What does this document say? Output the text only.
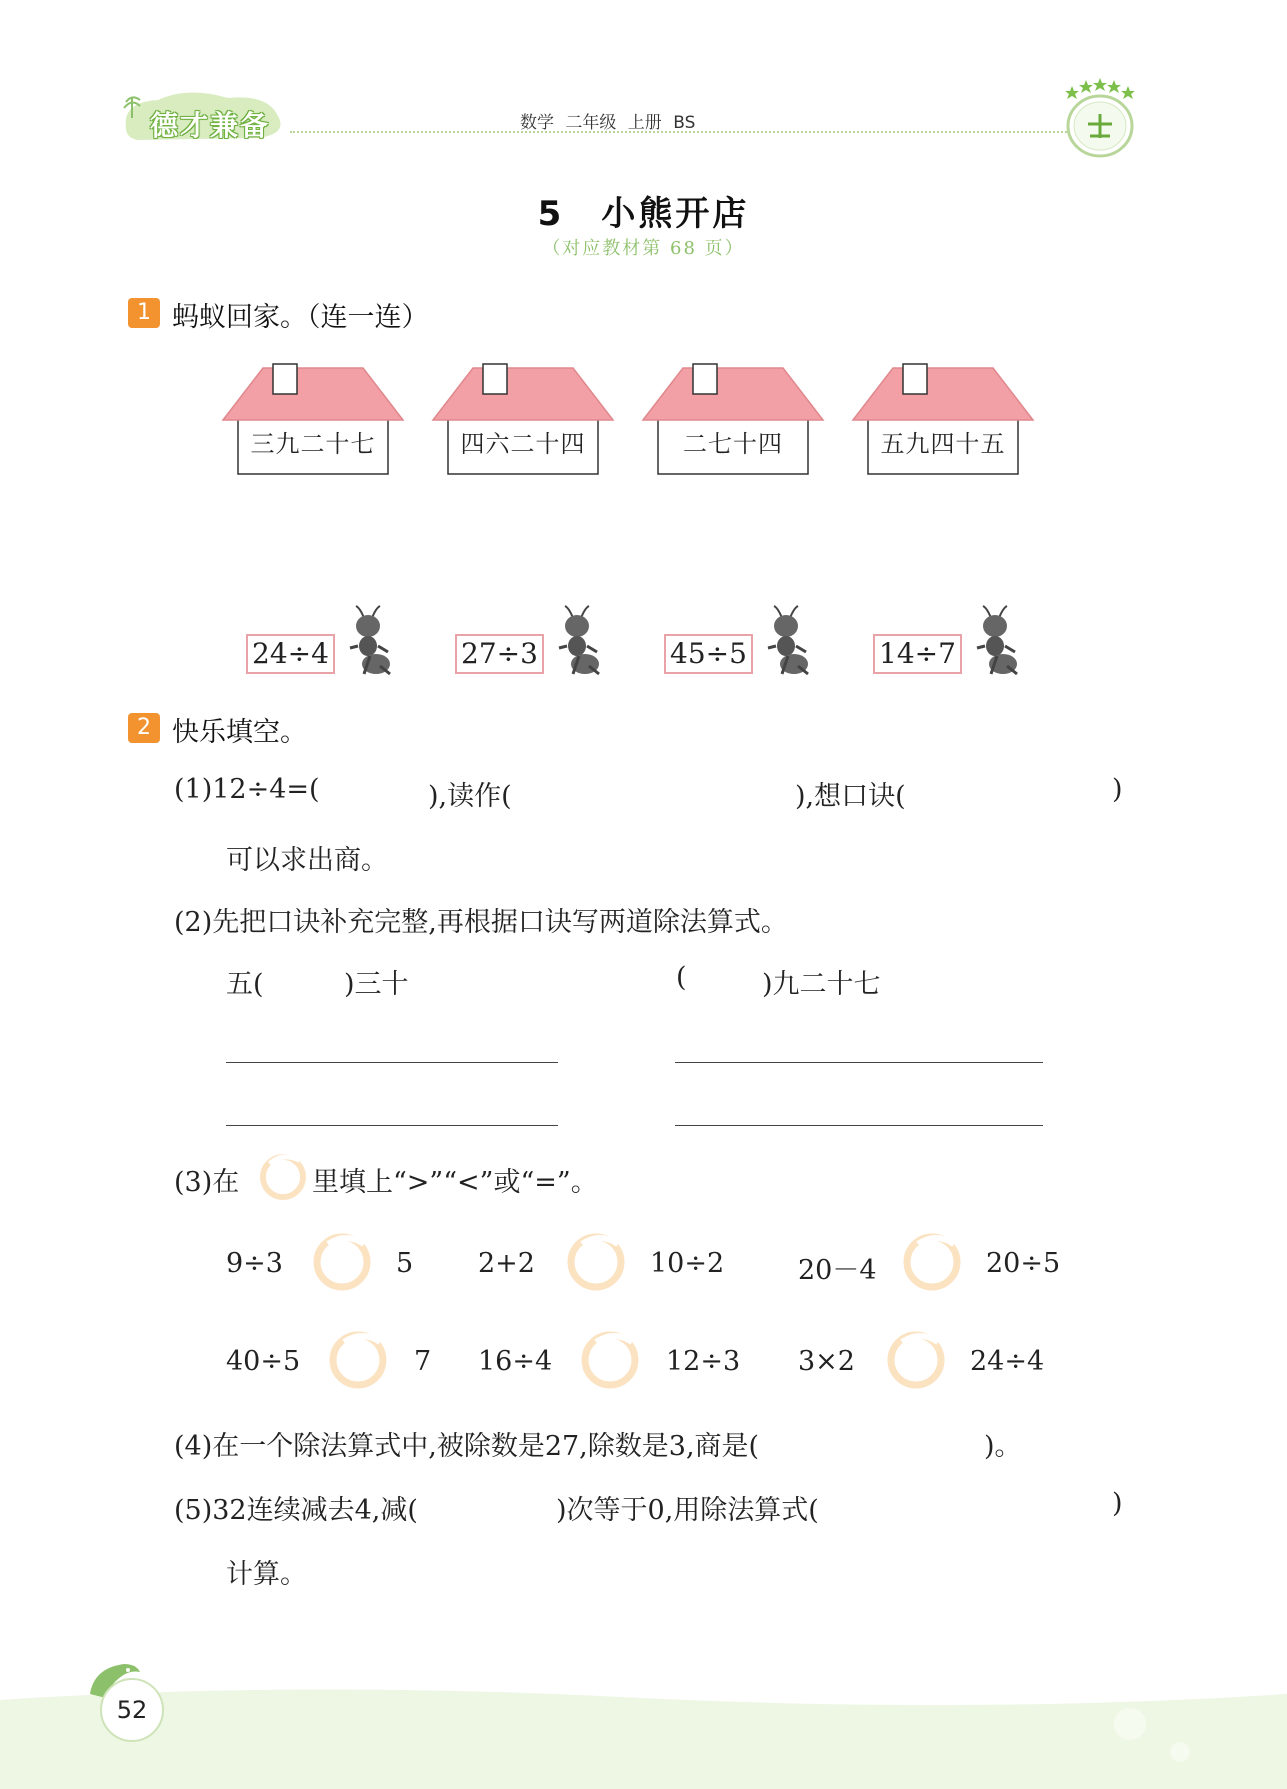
德才兼备	数学 二年级 上册 BS
5　小熊开店
（对应教材第 68 页）
1 蚂蚁回家。（连一连）
三九二十七	四六二十四	二七十四	五九四十五
24÷4	27÷3	45÷5	14÷7
2 快乐填空。
(1)12÷4=(	),读作(	),想口诀(	)
可以求出商。
(2)先把口诀补充完整,再根据口诀写两道除法算式。
五(	)三十	(	)九二十七
(3)在	里填上“>”“<”或“=”。
9÷3	5 2+2	10÷2	20－4	20÷5
40÷5	7 16÷4	12÷3 3×2	24÷4
(4)在一个除法算式中,被除数是27,除数是3,商是(	)。
(5)32连续减去4,减(	)次等于0,用除法算式(	)
计算。
52
